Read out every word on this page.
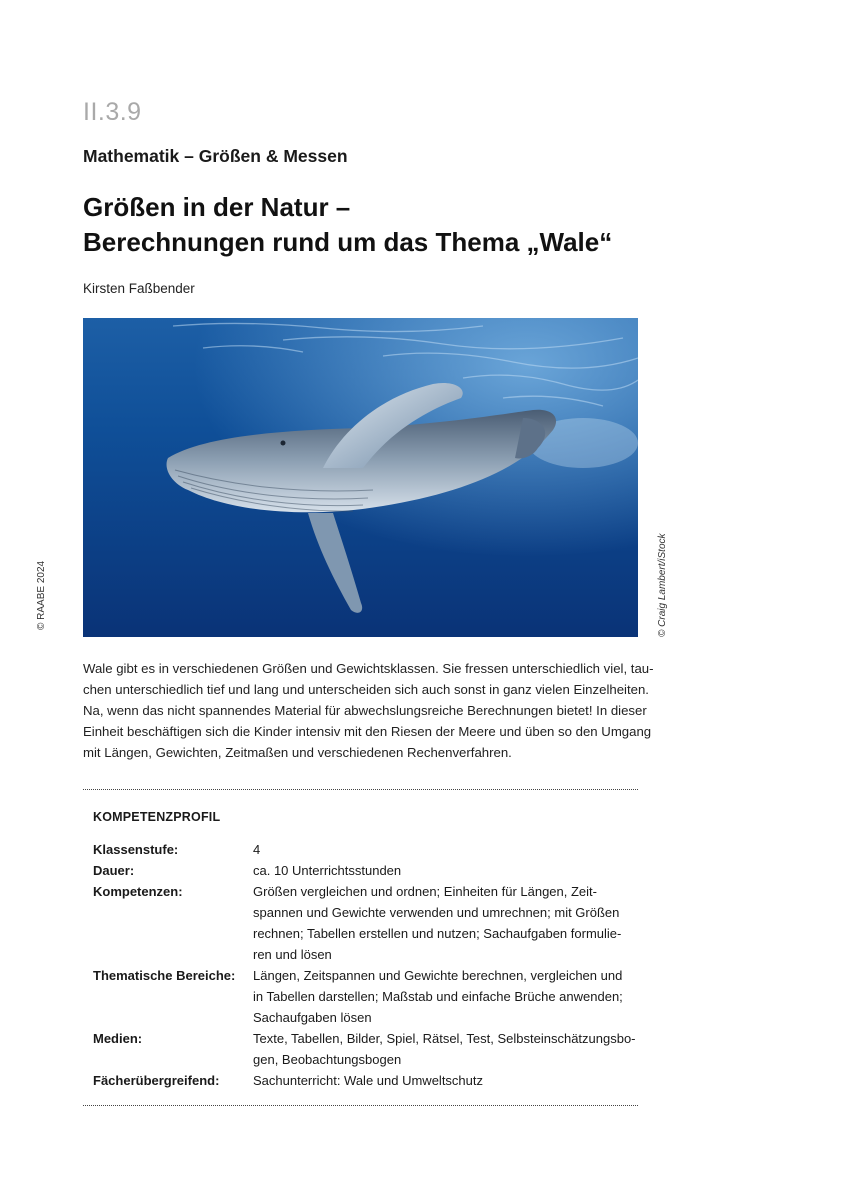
II.3.9
Mathematik – Größen & Messen
Größen in der Natur –
Berechnungen rund um das Thema „Wale“
Kirsten Faßbender
© RAABE 2024	© Craig Lambert/iStock
Wale gibt es in verschiedenen Größen und Gewichtsklassen. Sie fressen unterschiedlich viel, tau-
chen unterschiedlich tief und lang und unterscheiden sich auch sonst in ganz vielen Einzelheiten.
Na, wenn das nicht spannendes Material für abwechslungsreiche Berechnungen bietet! In dieser
Einheit beschäftigen sich die Kinder intensiv mit den Riesen der Meere und üben so den Umgang
mit Längen, Gewichten, Zeitmaßen und verschiedenen Rechenverfahren.
KOMPETENZPROFIL
Klassenstufe:	4
Dauer:	ca. 10 Unterrichtsstunden
Kompetenzen:	Größen vergleichen und ordnen; Einheiten für Längen, Zeit-
spannen und Gewichte verwenden und umrechnen; mit Größen
rechnen; Tabellen erstellen und nutzen; Sachaufgaben formulie-
ren und lösen
Thematische Bereiche: Längen, Zeitspannen und Gewichte berechnen, vergleichen und
in Tabellen darstellen; Maßstab und einfache Brüche anwenden;
Sachaufgaben lösen
Medien:	Texte, Tabellen, Bilder, Spiel, Rätsel, Test, Selbsteinschätzungsbo-
gen, Beobachtungsbogen
Fächerübergreifend:	Sachunterricht: Wale und Umweltschutz
